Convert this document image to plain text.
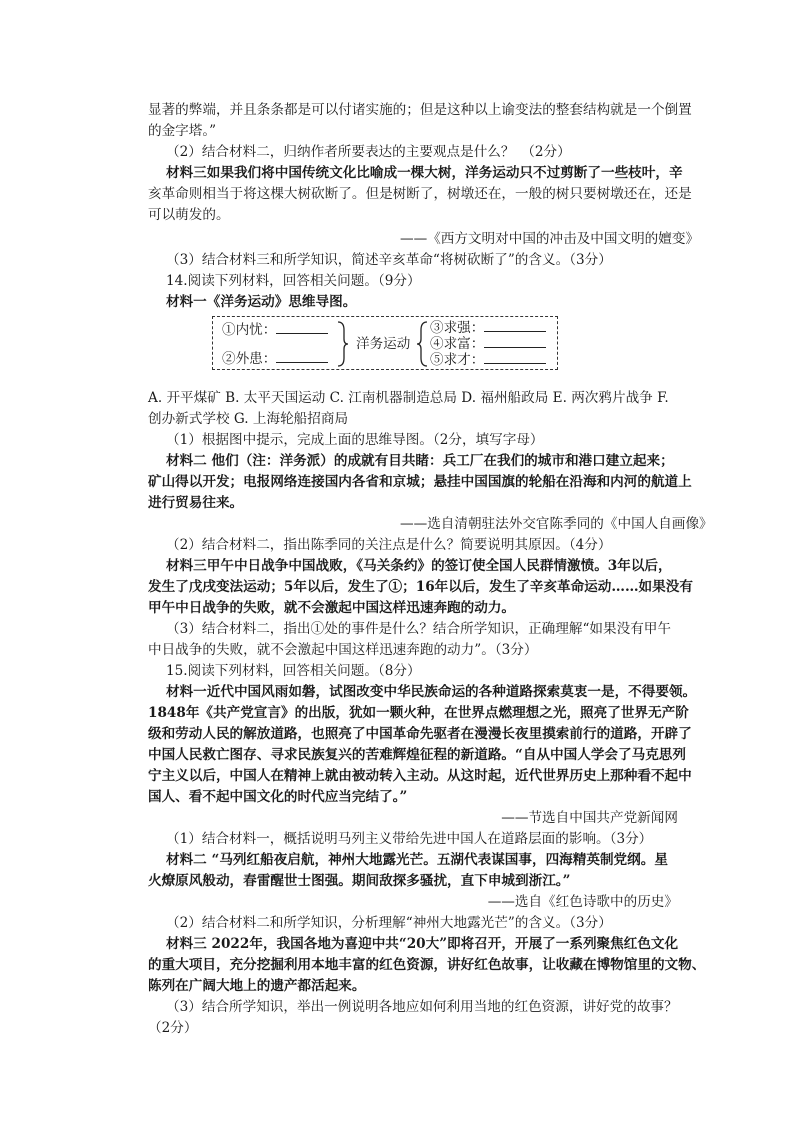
显著的弊端，并且条条都是可以付诸实施的；但是这种以上谕变法的整套结构就是一个倒置
的金字塔。”
（2）结合材料二，归纳作者所要表达的主要观点是什么？　（2分）
材料三如果我们将中国传统文化比喻成一棵大树，洋务运动只不过剪断了一些枝叶，辛
亥革命则相当于将这棵大树砍断了。但是树断了，树墩还在，一般的树只要树墩还在，还是
可以萌发的。
——《西方文明对中国的冲击及中国文明的嬗变》
（3）结合材料三和所学知识，简述辛亥革命“将树砍断了”的含义。（3分）
14.阅读下列材料，回答相关问题。（9分）
材料一《洋务运动》思维导图。
①内忧：
②外患：
洋务运动
③求强：
④求富：
⑤求才：
A. 开平煤矿 B. 太平天国运动 C. 江南机器制造总局 D. 福州船政局 E. 两次鸦片战争 F.
创办新式学校 G. 上海轮船招商局
（1）根据图中提示，完成上面的思维导图。（2分，填写字母）
材料二 他们（注：洋务派）的成就有目共睹：兵工厂在我们的城市和港口建立起来；
矿山得以开发；电报网络连接国内各省和京城；悬挂中国国旗的轮船在沿海和内河的航道上
进行贸易往来。
——选自清朝驻法外交官陈季同的《中国人自画像》
（2）结合材料二，指出陈季同的关注点是什么？简要说明其原因。（4分）
材料三甲午中日战争中国战败，《马关条约》的签订使全国人民群情激愤。3年以后，
发生了戊戌变法运动；5年以后，发生了①；16年以后，发生了辛亥革命运动……如果没有
甲午中日战争的失败，就不会激起中国这样迅速奔跑的动力。
（3）结合材料二，指出①处的事件是什么？结合所学知识，正确理解“如果没有甲午
中日战争的失败，就不会激起中国这样迅速奔跑的动力”。（3分）
15.阅读下列材料，回答相关问题。（8分）
材料一近代中国风雨如磐，试图改变中华民族命运的各种道路探索莫衷一是，不得要领。
1848年《共产党宣言》的出版，犹如一颗火种，在世界点燃理想之光，照亮了世界无产阶
级和劳动人民的解放道路，也照亮了中国革命先驱者在漫漫长夜里摸索前行的道路，开辟了
中国人民救亡图存、寻求民族复兴的苦难辉煌征程的新道路。“自从中国人学会了马克思列
宁主义以后，中国人在精神上就由被动转入主动。从这时起，近代世界历史上那种看不起中
国人、看不起中国文化的时代应当完结了。”
——节选自中国共产党新闻网
（1）结合材料一，概括说明马列主义带给先进中国人在道路层面的影响。（3分）
材料二 “马列红船夜启航，神州大地露光芒。五湖代表谋国事，四海精英制党纲。星
火燎原风般动，春雷醒世士图强。期间敌探多骚扰，直下申城到浙江。”
——选自《红色诗歌中的历史》
（2）结合材料二和所学知识，分析理解“神州大地露光芒”的含义。（3分）
材料三 2022年，我国各地为喜迎中共“20大”即将召开，开展了一系列聚焦红色文化
的重大项目，充分挖掘利用本地丰富的红色资源，讲好红色故事，让收藏在博物馆里的文物、
陈列在广阔大地上的遗产都活起来。
（3）结合所学知识，举出一例说明各地应如何利用当地的红色资源，讲好党的故事？
（2分）
